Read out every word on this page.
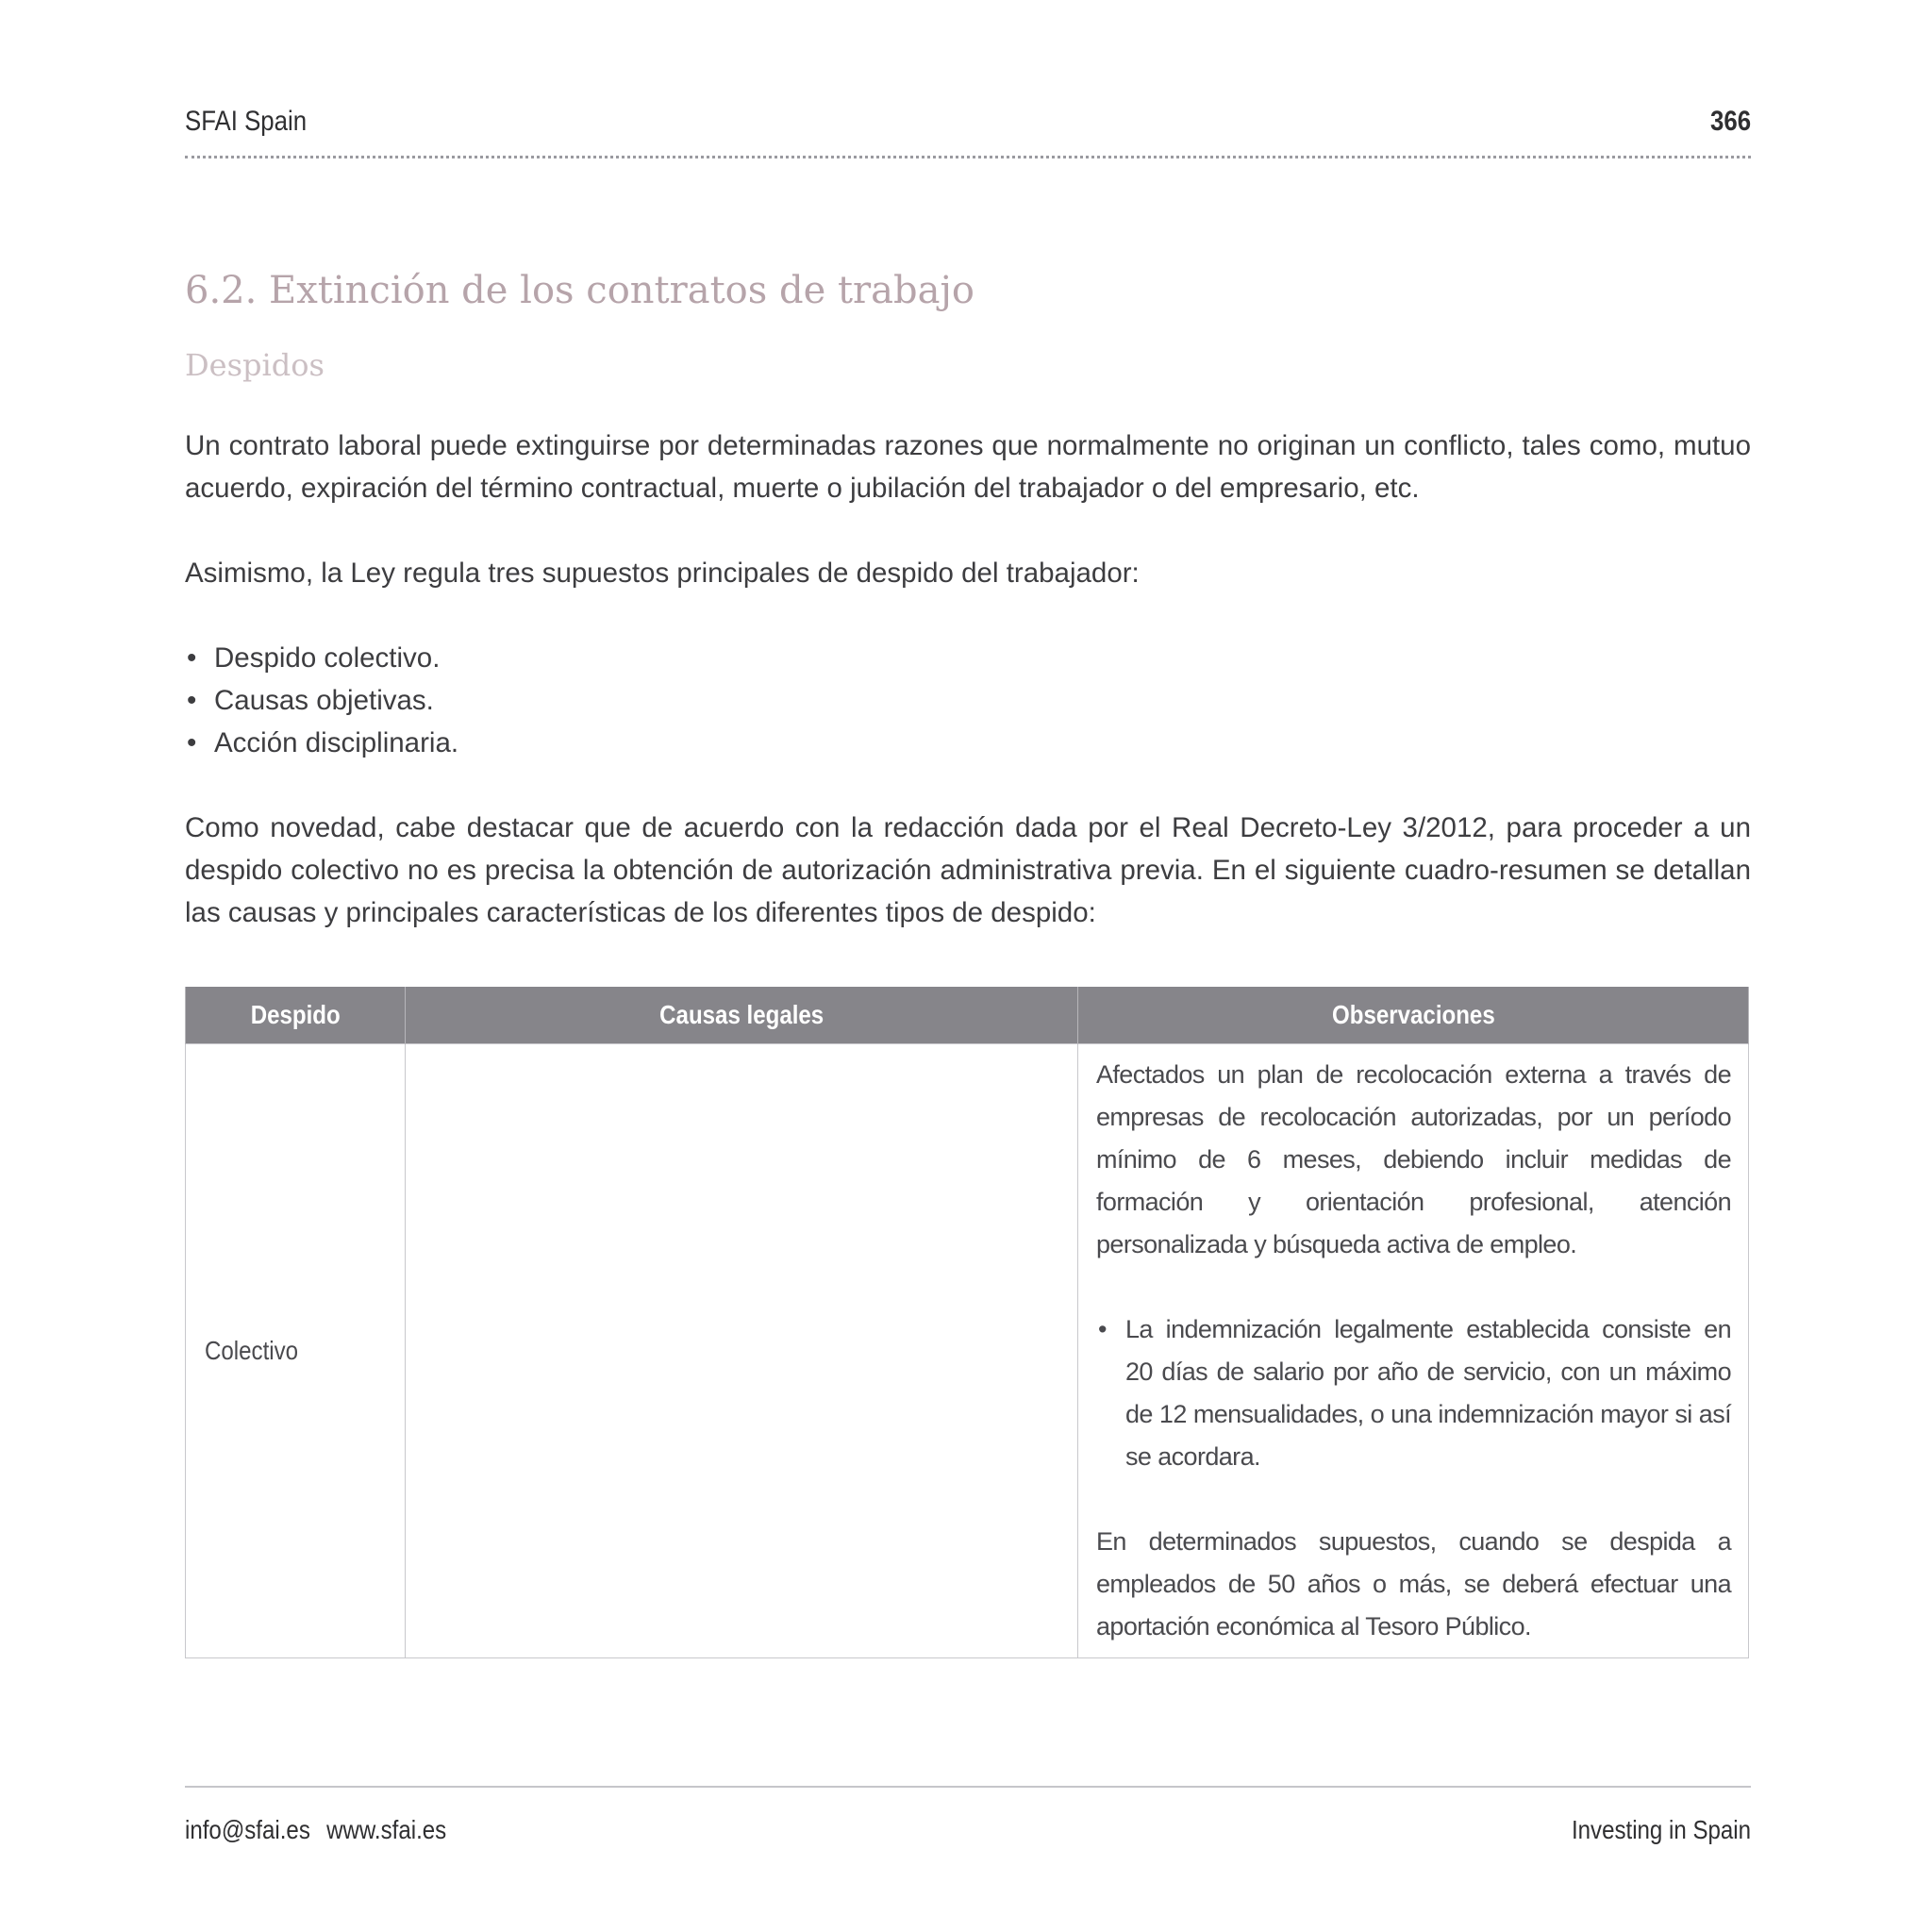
SFAI Spain	366
6.2. Extinción de los contratos de trabajo
Despidos

Un contrato laboral puede extinguirse por determinadas razones que normalmente no originan un conflicto, tales como, mutuo acuerdo, expiración del término contractual, muerte o jubilación del trabajador o del empresario, etc.

Asimismo, la Ley regula tres supuestos principales de despido del trabajador:

• Despido colectivo.
• Causas objetivas.
• Acción disciplinaria.

Como novedad, cabe destacar que de acuerdo con la redacción dada por el Real Decreto-Ley 3/2012, para proceder a un despido colectivo no es precisa la obtención de autorización administrativa previa. En el siguiente cuadro-resumen se detallan las causas y principales características de los diferentes tipos de despido:

Despido	Causas legales	Observaciones
Colectivo		Afectados un plan de recolocación externa a través de empresas de recolocación autorizadas, por un período mínimo de 6 meses, debiendo incluir medidas de formación y orientación profesional, atención personalizada y búsqueda activa de empleo.

• La indemnización legalmente establecida consiste en 20 días de salario por año de servicio, con un máximo de 12 mensualidades, o una indemnización mayor si así se acordara.

En determinados supuestos, cuando se despida a empleados de 50 años o más, se deberá efectuar una aportación económica al Tesoro Público.

info@sfai.es www.sfai.es	Investing in Spain
